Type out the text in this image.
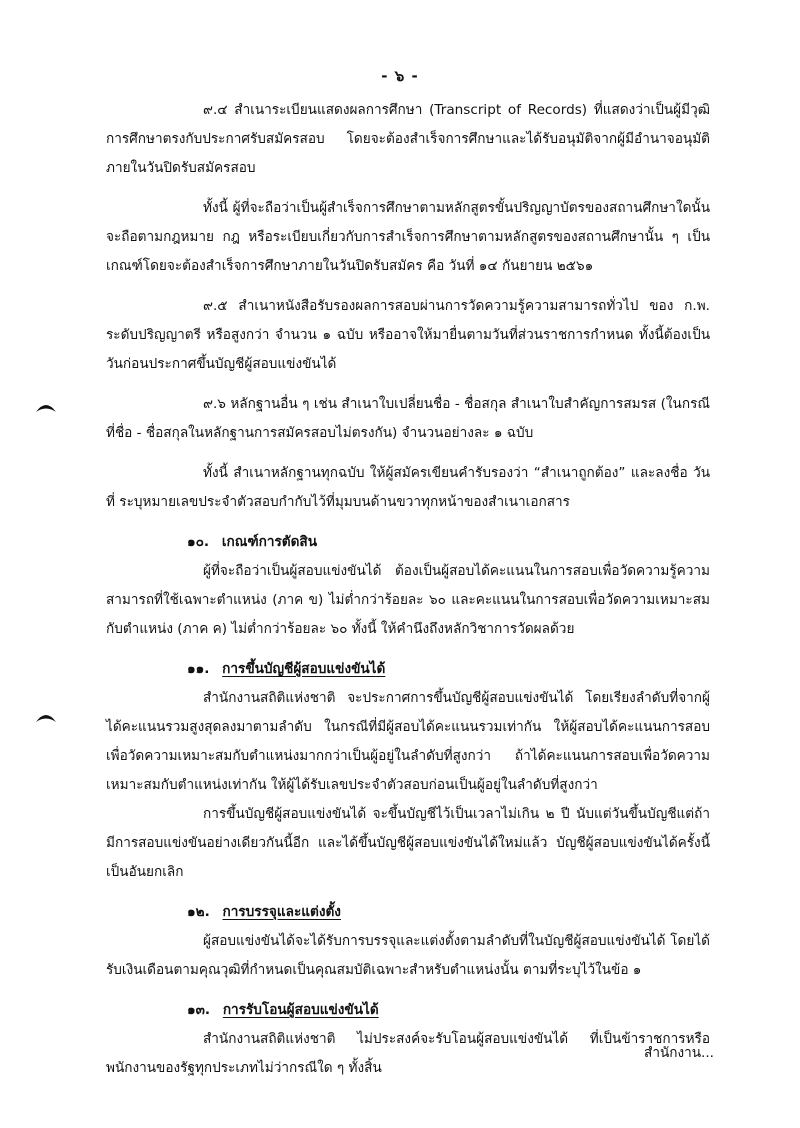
- ๖ -

๙.๔ สำเนาระเบียนแสดงผลการศึกษา (Transcript of Records) ที่แสดงว่าเป็นผู้มีวุฒิการศึกษาตรงกับประกาศรับสมัครสอบ โดยจะต้องสำเร็จการศึกษาและได้รับอนุมัติจากผู้มีอำนาจอนุมัติภายในวันปิดรับสมัครสอบ

ทั้งนี้ ผู้ที่จะถือว่าเป็นผู้สำเร็จการศึกษาตามหลักสูตรขั้นปริญญาบัตรของสถานศึกษาใดนั้นจะถือตามกฎหมาย กฎ หรือระเบียบเกี่ยวกับการสำเร็จการศึกษาตามหลักสูตรของสถานศึกษานั้น ๆ เป็นเกณฑ์โดยจะต้องสำเร็จการศึกษาภายในวันปิดรับสมัคร คือ วันที่ ๑๔ กันยายน ๒๕๖๑

๙.๕ สำเนาหนังสือรับรองผลการสอบผ่านการวัดความรู้ความสามารถทั่วไป ของ ก.พ. ระดับปริญญาตรี หรือสูงกว่า จำนวน ๑ ฉบับ หรืออาจให้มายื่นตามวันที่ส่วนราชการกำหนด ทั้งนี้ต้องเป็นวันก่อนประกาศขึ้นบัญชีผู้สอบแข่งขันได้

๙.๖ หลักฐานอื่น ๆ เช่น สำเนาใบเปลี่ยนชื่อ - ชื่อสกุล สำเนาใบสำคัญการสมรส (ในกรณีที่ชื่อ - ชื่อสกุลในหลักฐานการสมัครสอบไม่ตรงกัน) จำนวนอย่างละ ๑ ฉบับ

ทั้งนี้ สำเนาหลักฐานทุกฉบับ ให้ผู้สมัครเขียนคำรับรองว่า “สำเนาถูกต้อง” และลงชื่อ วันที่ ระบุหมายเลขประจำตัวสอบกำกับไว้ที่มุมบนด้านขวาทุกหน้าของสำเนาเอกสาร

๑๐. เกณฑ์การตัดสิน

ผู้ที่จะถือว่าเป็นผู้สอบแข่งขันได้ ต้องเป็นผู้สอบได้คะแนนในการสอบเพื่อวัดความรู้ความสามารถที่ใช้เฉพาะตำแหน่ง (ภาค ข) ไม่ต่ำกว่าร้อยละ ๖๐ และคะแนนในการสอบเพื่อวัดความเหมาะสมกับตำแหน่ง (ภาค ค) ไม่ต่ำกว่าร้อยละ ๖๐ ทั้งนี้ ให้คำนึงถึงหลักวิชาการวัดผลด้วย

๑๑. การขึ้นบัญชีผู้สอบแข่งขันได้

สำนักงานสถิติแห่งชาติ จะประกาศการขึ้นบัญชีผู้สอบแข่งขันได้ โดยเรียงลำดับที่จากผู้ได้คะแนนรวมสูงสุดลงมาตามลำดับ ในกรณีที่มีผู้สอบได้คะแนนรวมเท่ากัน ให้ผู้สอบได้คะแนนการสอบเพื่อวัดความเหมาะสมกับตำแหน่งมากกว่าเป็นผู้อยู่ในลำดับที่สูงกว่า ถ้าได้คะแนนการสอบเพื่อวัดความเหมาะสมกับตำแหน่งเท่ากัน ให้ผู้ได้รับเลขประจำตัวสอบก่อนเป็นผู้อยู่ในลำดับที่สูงกว่า

การขึ้นบัญชีผู้สอบแข่งขันได้ จะขึ้นบัญชีไว้เป็นเวลาไม่เกิน ๒ ปี นับแต่วันขึ้นบัญชีแต่ถ้ามีการสอบแข่งขันอย่างเดียวกันนี้อีก และได้ขึ้นบัญชีผู้สอบแข่งขันได้ใหม่แล้ว บัญชีผู้สอบแข่งขันได้ครั้งนี้เป็นอันยกเลิก

๑๒. การบรรจุและแต่งตั้ง

ผู้สอบแข่งขันได้จะได้รับการบรรจุและแต่งตั้งตามลำดับที่ในบัญชีผู้สอบแข่งขันได้ โดยได้รับเงินเดือนตามคุณวุฒิที่กำหนดเป็นคุณสมบัติเฉพาะสำหรับตำแหน่งนั้น ตามที่ระบุไว้ในข้อ ๑

๑๓. การรับโอนผู้สอบแข่งขันได้

สำนักงานสถิติแห่งชาติ ไม่ประสงค์จะรับโอนผู้สอบแข่งขันได้ ที่เป็นข้าราชการหรือพนักงานของรัฐทุกประเภทไม่ว่ากรณีใด ๆ ทั้งสิ้น

สำนักงาน...
